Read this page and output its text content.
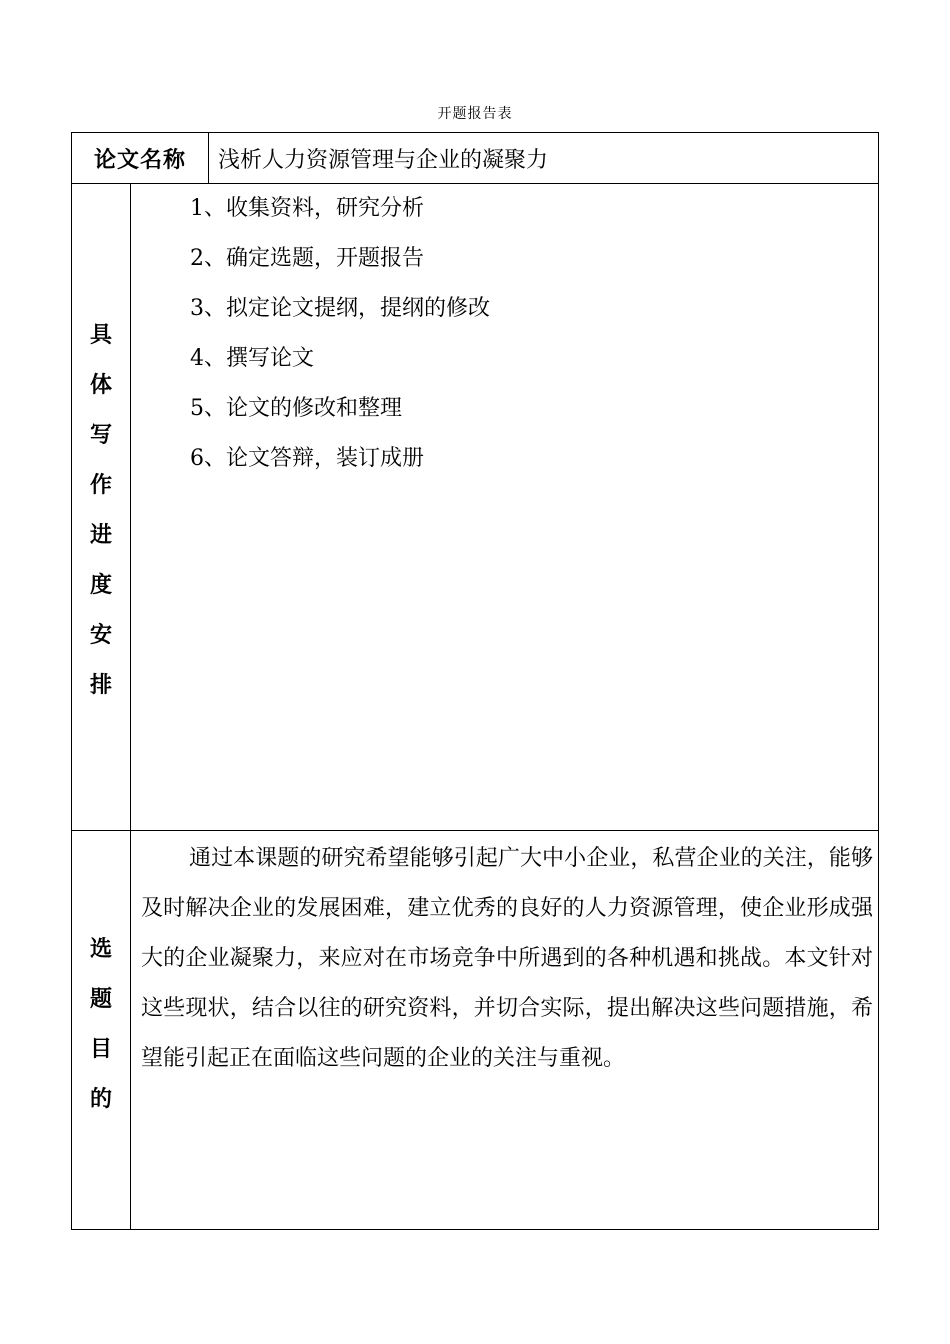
开题报告表
论文名称	浅析人力资源管理与企业的凝聚力
具
体
写
作
进
度
安
排
1、收集资料，研究分析
2、确定选题，开题报告
3、拟定论文提纲，提纲的修改
4、撰写论文
5、论文的修改和整理
6、论文答辩，装订成册
选
题
目
的

通过本课题的研究希望能够引起广大中小企业，私营企业的关注，能够及时解决企业的发展困难，建立优秀的良好的人力资源管理，使企业形成强大的企业凝聚力，来应对在市场竞争中所遇到的各种机遇和挑战。本文针对这些现状，结合以往的研究资料，并切合实际，提出解决这些问题措施，希望能引起正在面临这些问题的企业的关注与重视。
